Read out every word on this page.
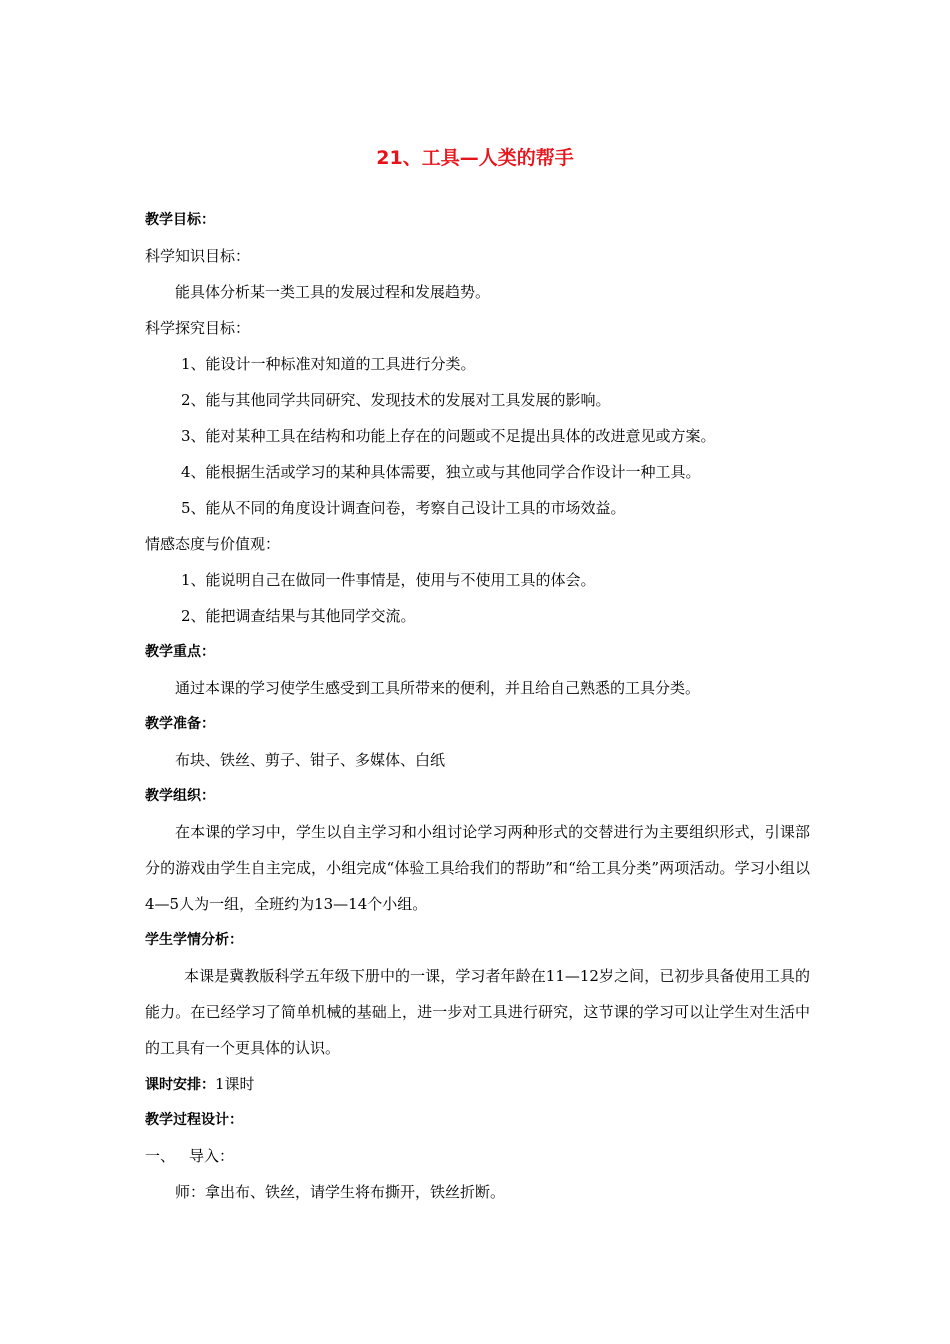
21、工具—人类的帮手
教学目标：
科学知识目标：
能具体分析某一类工具的发展过程和发展趋势。
科学探究目标：
1、能设计一种标准对知道的工具进行分类。
2、能与其他同学共同研究、发现技术的发展对工具发展的影响。
3、能对某种工具在结构和功能上存在的问题或不足提出具体的改进意见或方案。
4、能根据生活或学习的某种具体需要，独立或与其他同学合作设计一种工具。
5、能从不同的角度设计调查问卷，考察自己设计工具的市场效益。
情感态度与价值观：
1、能说明自己在做同一件事情是，使用与不使用工具的体会。
2、能把调查结果与其他同学交流。
教学重点：
通过本课的学习使学生感受到工具所带来的便利，并且给自己熟悉的工具分类。
教学准备：
布块、铁丝、剪子、钳子、多媒体、白纸
教学组织：
在本课的学习中，学生以自主学习和小组讨论学习两种形式的交替进行为主要组织形式，引课部分的游戏由学生自主完成，小组完成“体验工具给我们的帮助”和“给工具分类”两项活动。学习小组以4—5人为一组，全班约为13—14个小组。
学生学情分析：
本课是冀教版科学五年级下册中的一课，学习者年龄在11—12岁之间，已初步具备使用工具的能力。在已经学习了简单机械的基础上，进一步对工具进行研究，这节课的学习可以让学生对生活中的工具有一个更具体的认识。
课时安排：1课时
教学过程设计：
一、 导入：
师：拿出布、铁丝，请学生将布撕开，铁丝折断。
